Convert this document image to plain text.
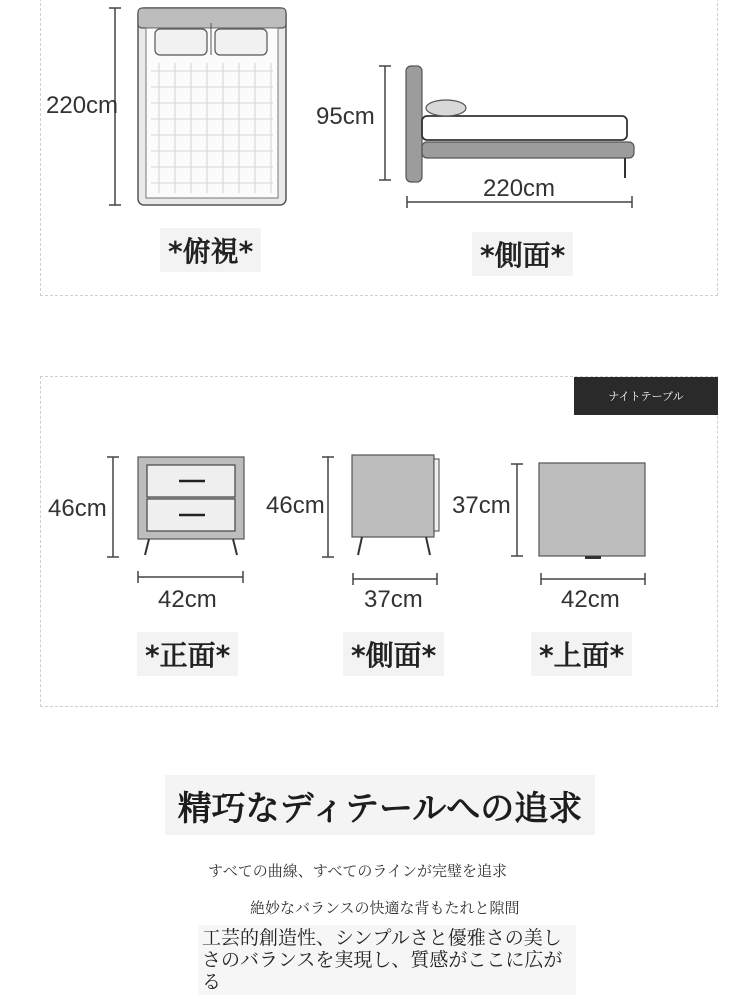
220cm
*俯視*
95cm
220cm
*側面*
ナイトテーブル
46cm
42cm
*正面*
46cm
37cm
*側面*
37cm
42cm
*上面*
精巧なディテールへの追求
すべての曲線、すべてのラインが完璧を追求
絶妙なバランスの快適な背もたれと隙間
工芸的創造性、シンプルさと優雅さの美しさのバランスを実現し、質感がここに広がる
